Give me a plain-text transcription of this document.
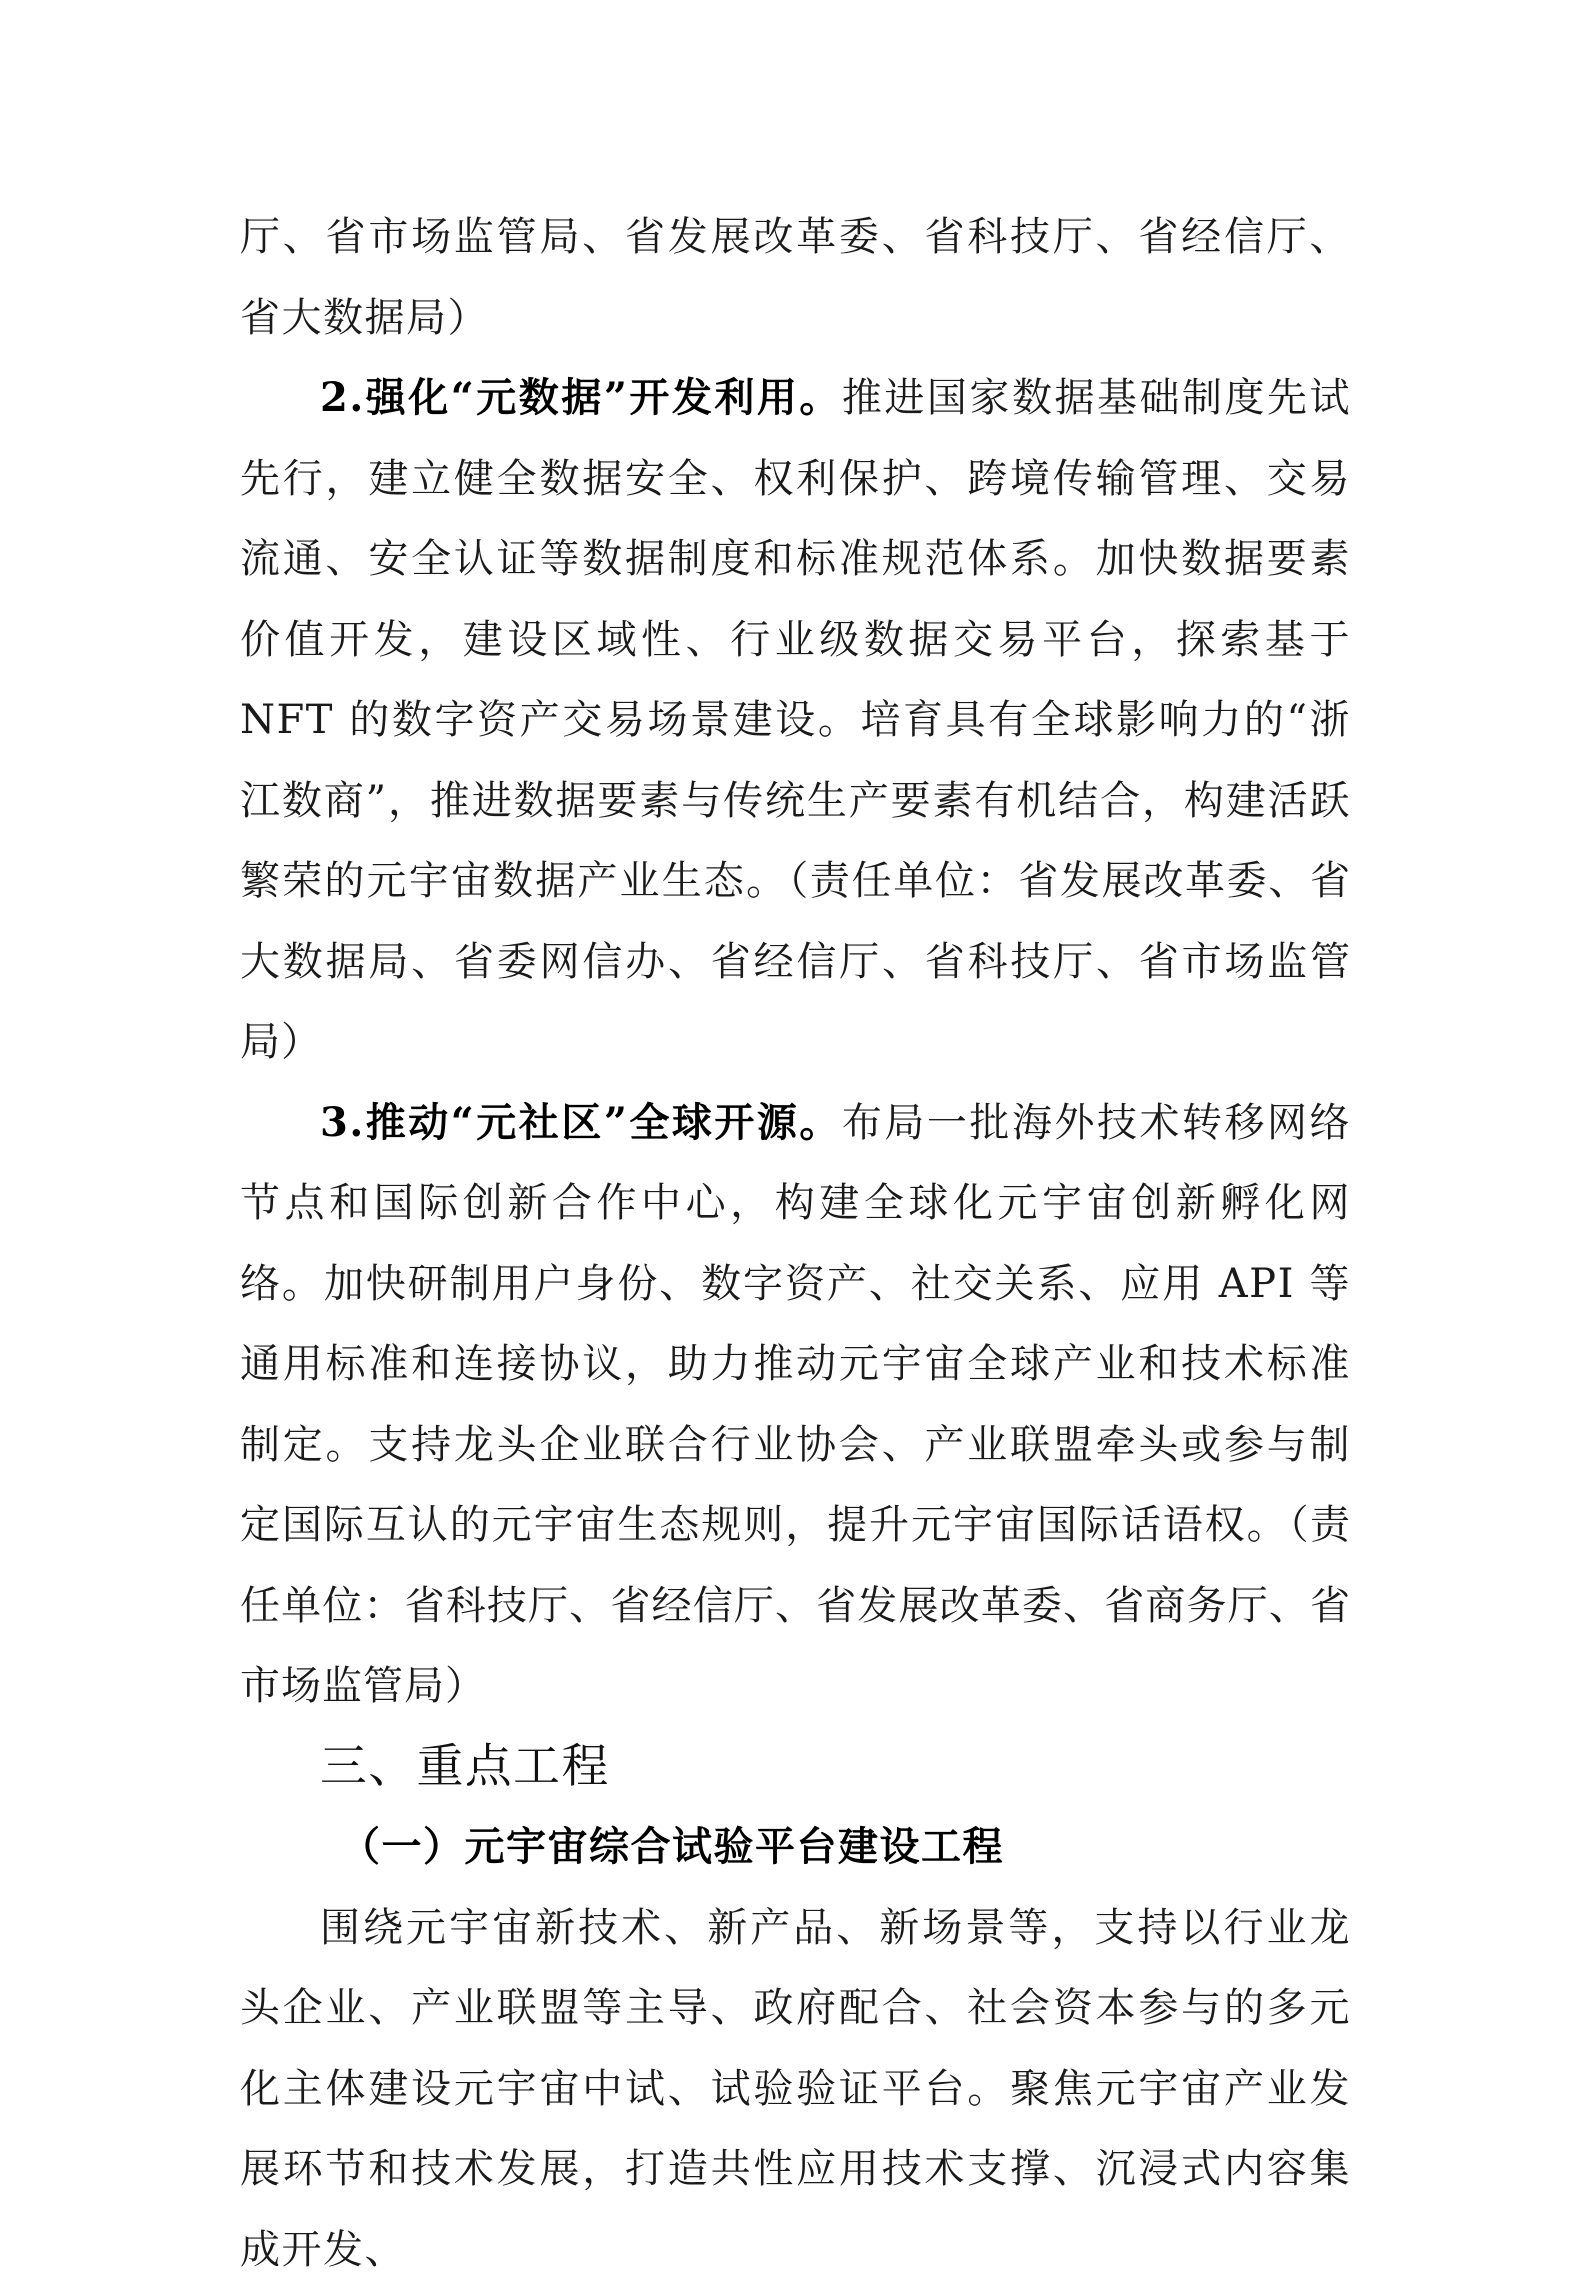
厅、省市场监管局、省发展改革委、省科技厅、省经信厅、省大数据局）

2.强化“元数据”开发利用。推进国家数据基础制度先试先行，建立健全数据安全、权利保护、跨境传输管理、交易流通、安全认证等数据制度和标准规范体系。加快数据要素价值开发，建设区域性、行业级数据交易平台，探索基于 NFT 的数字资产交易场景建设。培育具有全球影响力的“浙江数商”，推进数据要素与传统生产要素有机结合，构建活跃繁荣的元宇宙数据产业生态。（责任单位：省发展改革委、省大数据局、省委网信办、省经信厅、省科技厅、省市场监管局）

3.推动“元社区”全球开源。布局一批海外技术转移网络节点和国际创新合作中心，构建全球化元宇宙创新孵化网络。加快研制用户身份、数字资产、社交关系、应用 API 等通用标准和连接协议，助力推动元宇宙全球产业和技术标准制定。支持龙头企业联合行业协会、产业联盟牵头或参与制定国际互认的元宇宙生态规则，提升元宇宙国际话语权。（责任单位：省科技厅、省经信厅、省发展改革委、省商务厅、省市场监管局）

三、重点工程
（一）元宇宙综合试验平台建设工程

围绕元宇宙新技术、新产品、新场景等，支持以行业龙头企业、产业联盟等主导、政府配合、社会资本参与的多元化主体建设元宇宙中试、试验验证平台。聚焦元宇宙产业发展环节和技术发展，打造共性应用技术支撑、沉浸式内容集成开发、
